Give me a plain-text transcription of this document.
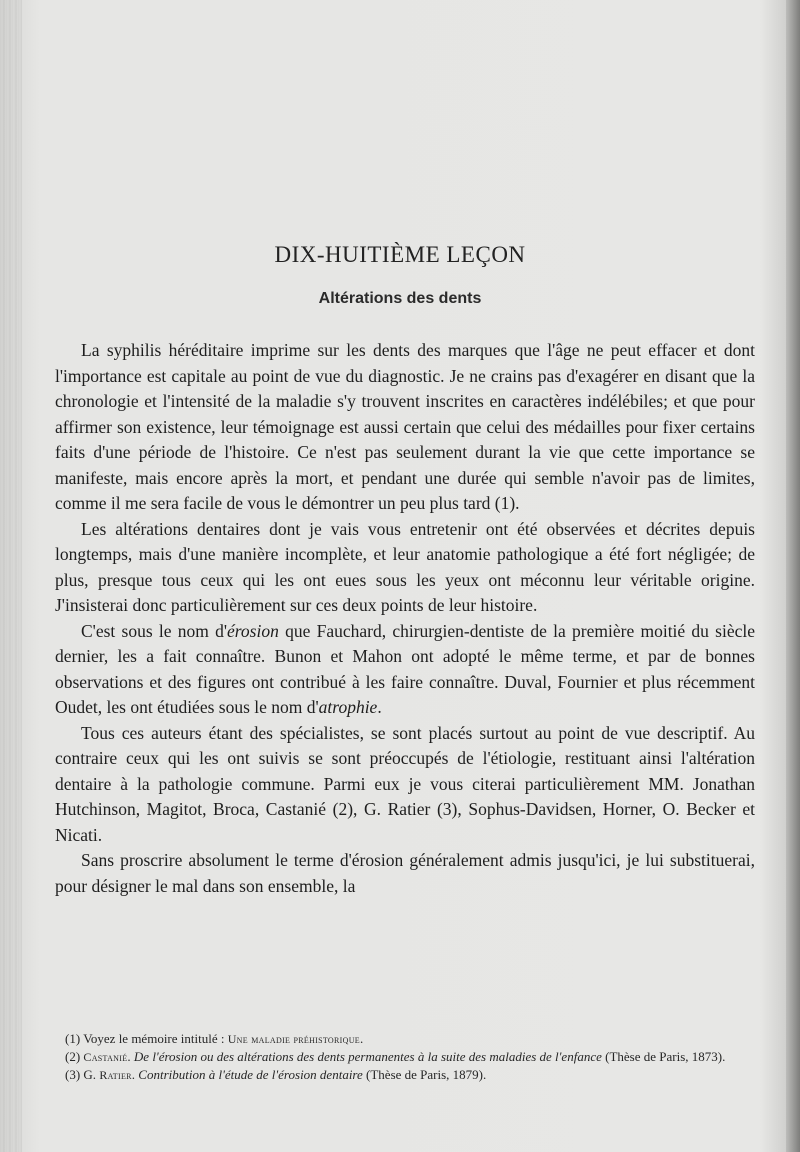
DIX-HUITIÈME LEÇON
Altérations des dents

La syphilis héréditaire imprime sur les dents des marques que l'âge ne peut effacer et dont l'importance est capitale au point de vue du diagnostic. Je ne crains pas d'exagérer en disant que la chronologie et l'intensité de la maladie s'y trouvent inscrites en caractères indélébiles; et que pour affirmer son existence, leur témoignage est aussi certain que celui des médailles pour fixer certains faits d'une période de l'histoire. Ce n'est pas seulement durant la vie que cette importance se manifeste, mais encore après la mort, et pendant une durée qui semble n'avoir pas de limites, comme il me sera facile de vous le démontrer un peu plus tard (1).

Les altérations dentaires dont je vais vous entretenir ont été observées et décrites depuis longtemps, mais d'une manière incomplète, et leur anatomie pathologique a été fort négligée; de plus, presque tous ceux qui les ont eues sous les yeux ont méconnu leur véritable origine. J'insisterai donc particulièrement sur ces deux points de leur histoire.

C'est sous le nom d'érosion que Fauchard, chirurgien-dentiste de la première moitié du siècle dernier, les a fait connaître. Bunon et Mahon ont adopté le même terme, et par de bonnes observations et des figures ont contribué à les faire connaître. Duval, Fournier et plus récemment Oudet, les ont étudiées sous le nom d'atrophie.

Tous ces auteurs étant des spécialistes, se sont placés surtout au point de vue descriptif. Au contraire ceux qui les ont suivis se sont préoccupés de l'étiologie, restituant ainsi l'altération dentaire à la pathologie commune. Parmi eux je vous citerai particulièrement MM. Jonathan Hutchinson, Magitot, Broca, Castanié (2), G. Ratier (3), Sophus-Davidsen, Horner, O. Becker et Nicati.

Sans proscrire absolument le terme d'érosion généralement admis jusqu'ici, je lui substituerai, pour désigner le mal dans son ensemble, la

(1) Voyez le mémoire intitulé : Une maladie préhistorique.

(2) Castanié. De l'érosion ou des altérations des dents permanentes à la suite des maladies de l'enfance (Thèse de Paris, 1873).

(3) G. Ratier. Contribution à l'étude de l'érosion dentaire (Thèse de Paris, 1879).
